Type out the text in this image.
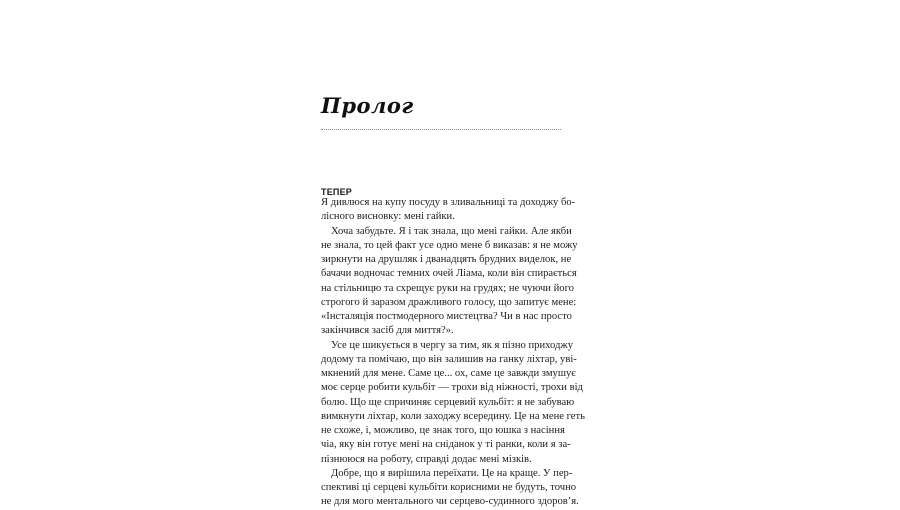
Пролог

ТЕПЕР

Я дивлюся на купу посуду в зливальниці та доходжу бо-
лісного висновку: мені гайки.
Хоча забудьте. Я і так знала, що мені гайки. Але якби
не знала, то цей факт усе одно мене б виказав: я не можу
зиркнути на друшляк і дванадцять брудних виделок, не
бачачи водночас темних очей Ліама, коли він спирається
на стільницю та схрещує руки на грудях; не чуючи його
строгого й заразом дражливого голосу, що запитує мене:
«Інсталяція постмодерного мистецтва? Чи в нас просто
закінчився засіб для миття?».
Усе це шикується в чергу за тим, як я пізно приходжу
додому та помічаю, що він залишив на ганку ліхтар, уві-
мкнений для мене. Саме це... ох, саме це завжди змушує
моє серце робити кульбіт — трохи від ніжності, трохи від
болю. Що ще спричиняє серцевий кульбіт: я не забуваю
вимкнути ліхтар, коли заходжу всередину. Це на мене геть
не схоже, і, можливо, це знак того, що юшка з насіння
чіа, яку він готує мені на сніданок у ті ранки, коли я за-
пізнююся на роботу, справді додає мені мізків.
Добре, що я вирішила переїхати. Це на краще. У пер-
спективі ці серцеві кульбіти корисними не будуть, точно
не для мого ментального чи серцево-судинного здоров’я.
